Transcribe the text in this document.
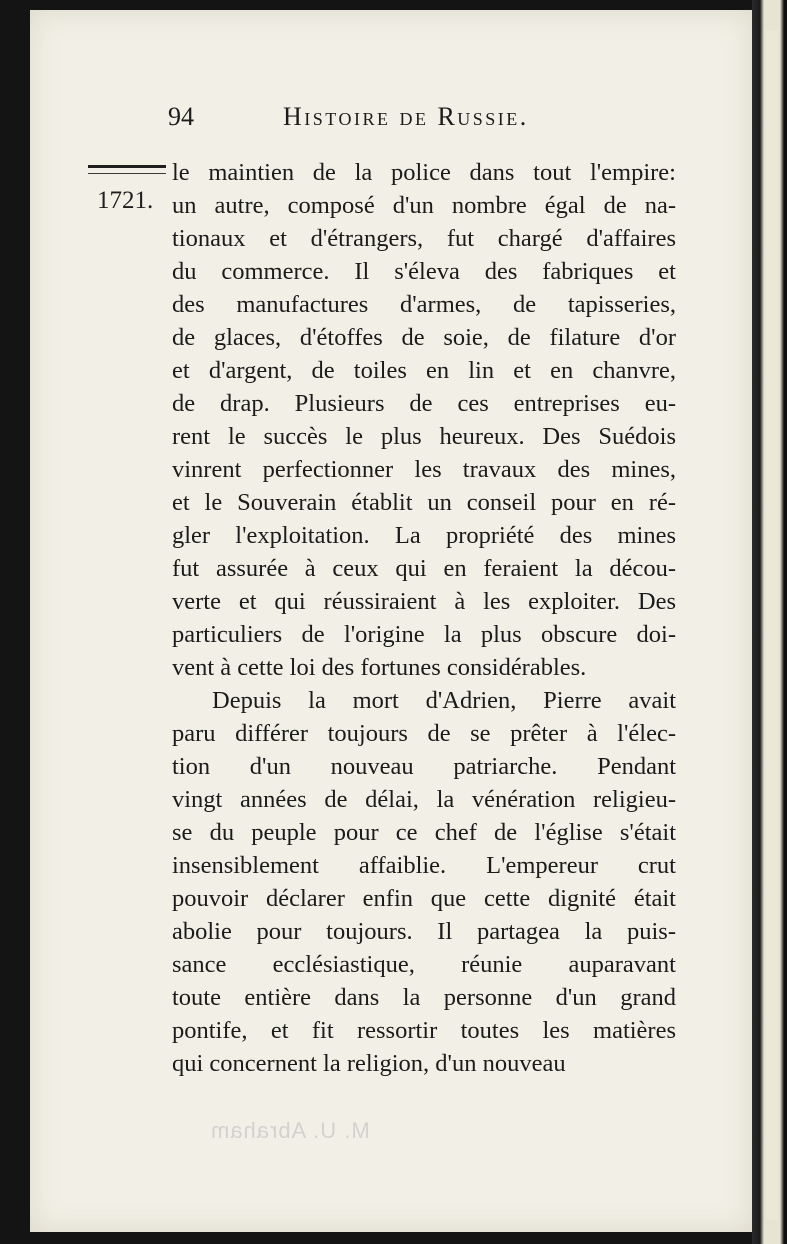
94	Histoire de Russie.
1721.
le maintien de la police dans tout l'empire:
un autre, composé d'un nombre égal de na-
tionaux et d'étrangers, fut chargé d'affaires
du commerce. Il s'éleva des fabriques et
des manufactures d'armes, de tapisseries,
de glaces, d'étoffes de soie, de filature d'or
et d'argent, de toiles en lin et en chanvre,
de drap. Plusieurs de ces entreprises eu-
rent le succès le plus heureux. Des Suédois
vinrent perfectionner les travaux des mines,
et le Souverain établit un conseil pour en ré-
gler l'exploitation. La propriété des mines
fut assurée à ceux qui en feraient la décou-
verte et qui réussiraient à les exploiter. Des
particuliers de l'origine la plus obscure doi-
vent à cette loi des fortunes considérables.
Depuis la mort d'Adrien, Pierre avait
paru différer toujours de se prêter à l'élec-
tion d'un nouveau patriarche. Pendant
vingt années de délai, la vénération religieu-
se du peuple pour ce chef de l'église s'était
insensiblement affaiblie. L'empereur crut
pouvoir déclarer enfin que cette dignité était
abolie pour toujours. Il partagea la puis-
sance ecclésiastique, réunie auparavant
toute entière dans la personne d'un grand
pontife, et fit ressortir toutes les matières
qui concernent la religion, d'un nouveau
M. U. Abraham
